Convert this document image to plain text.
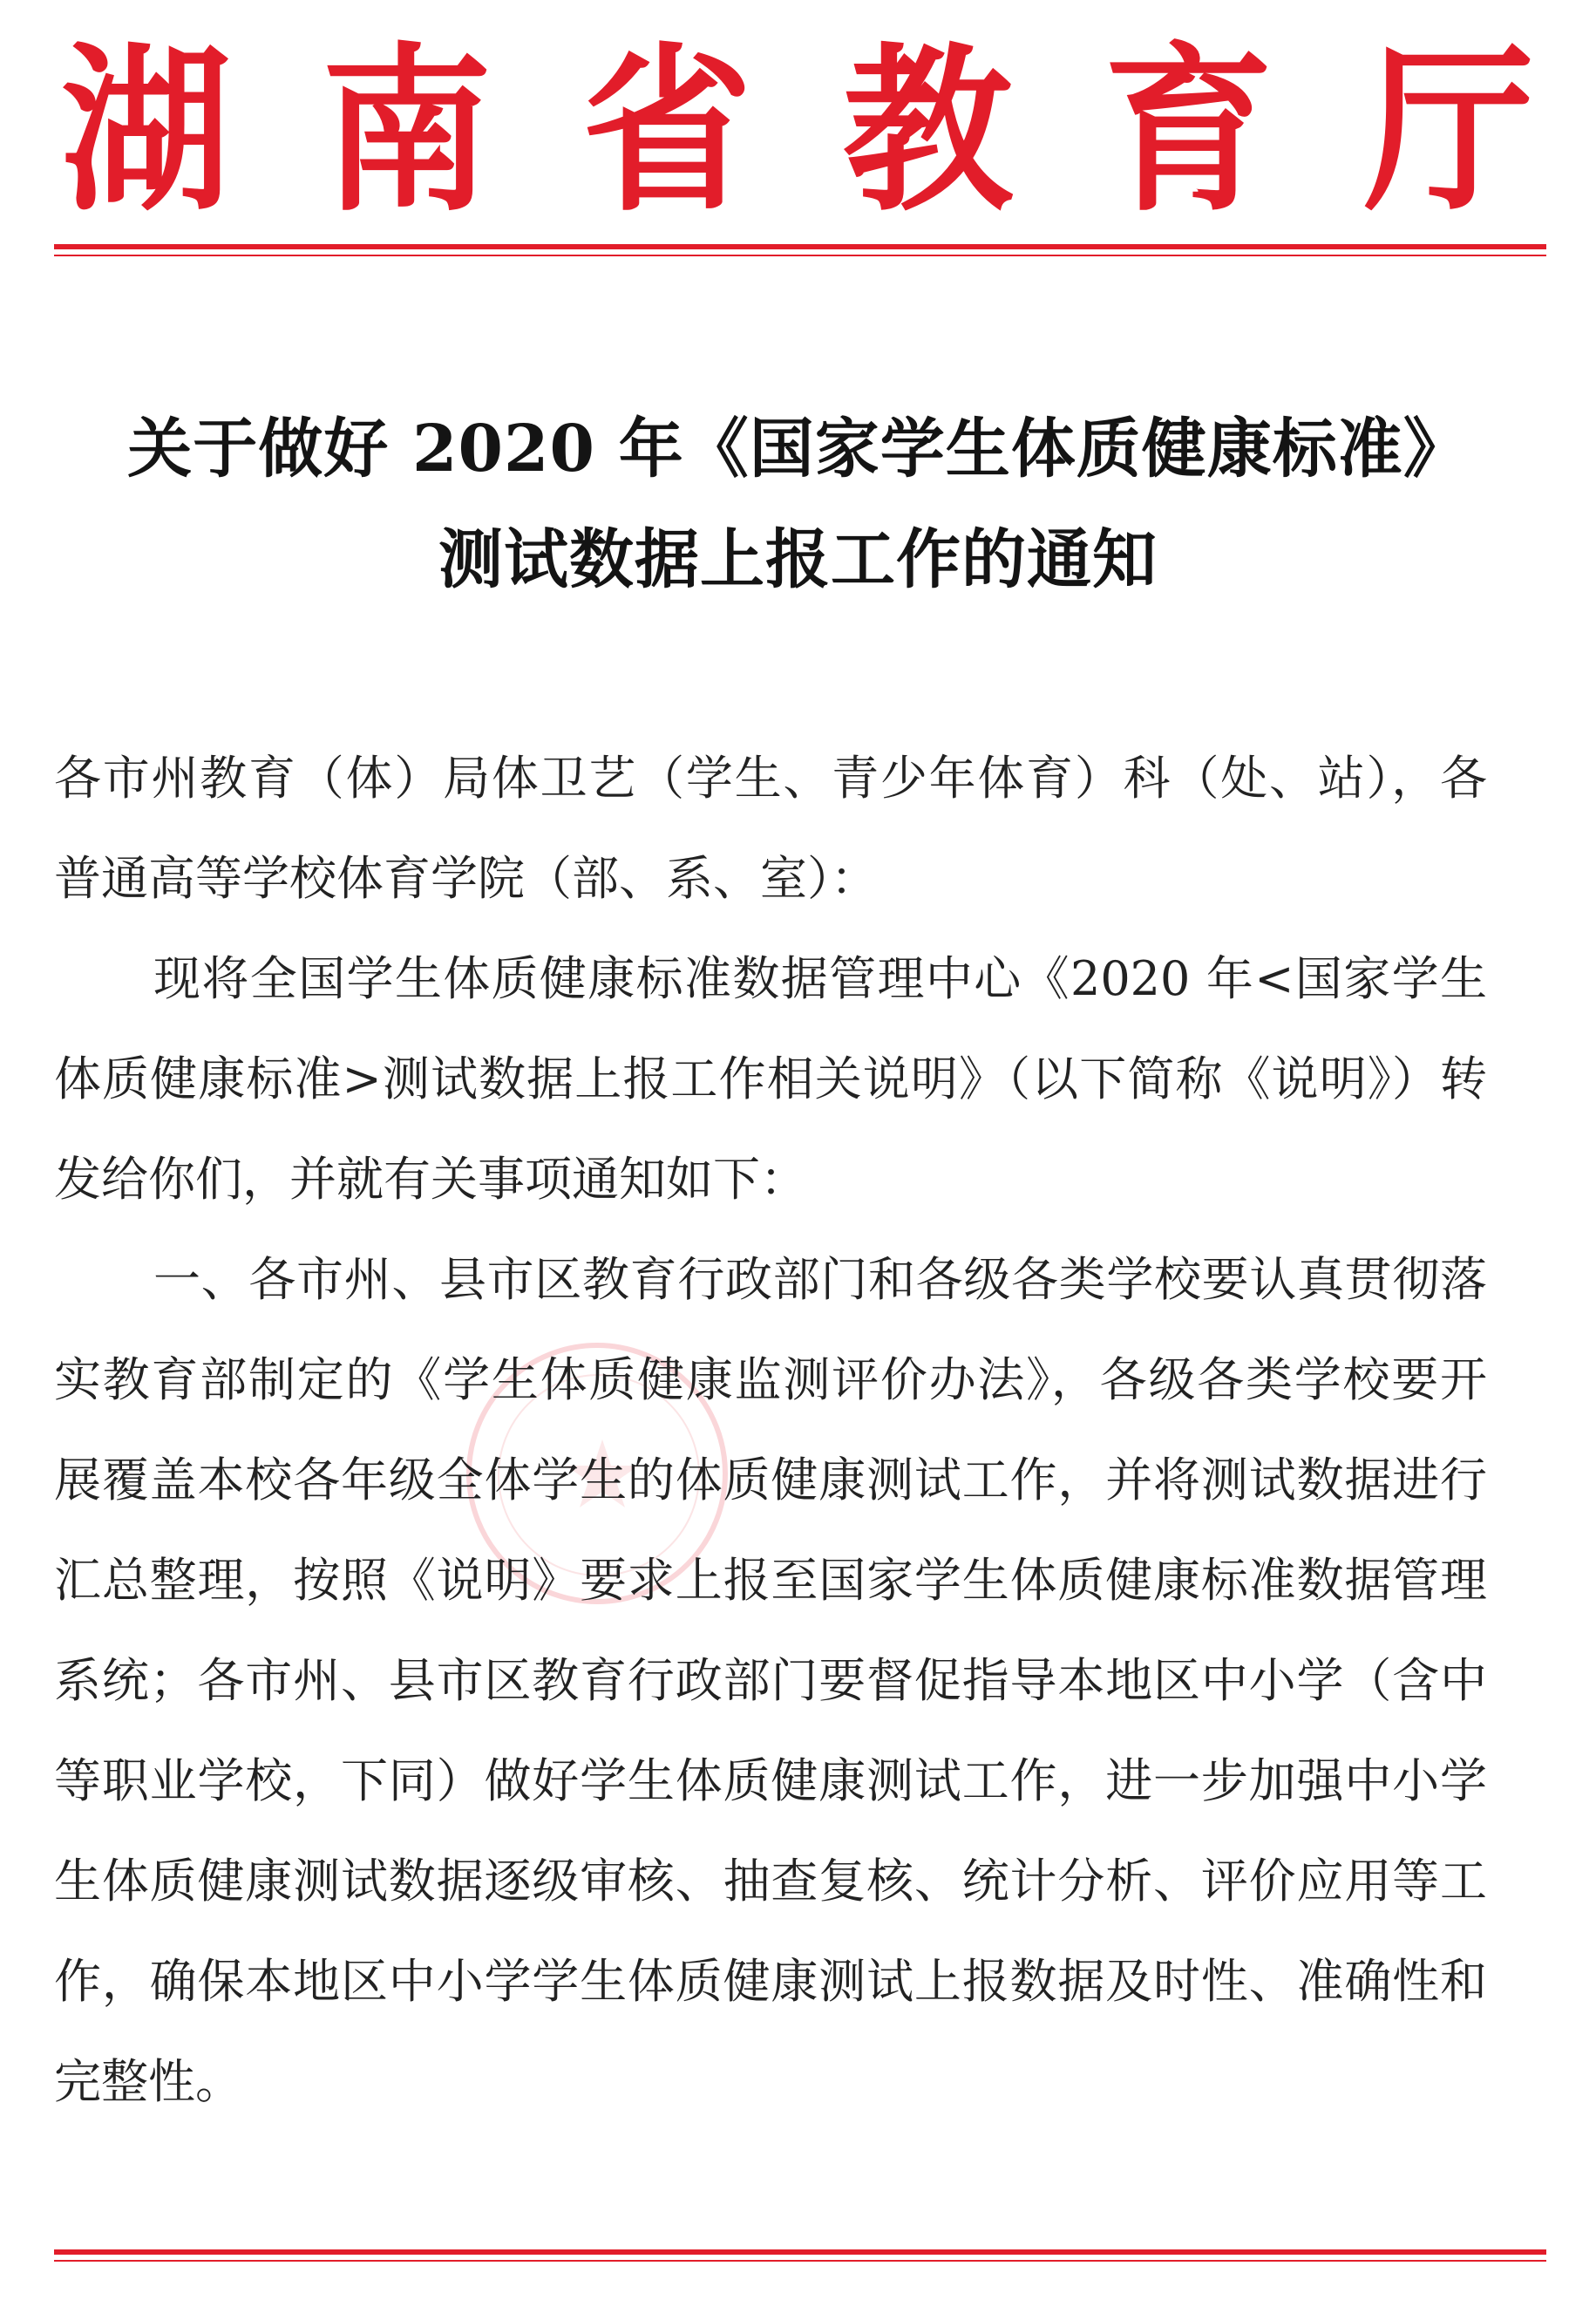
湖 南 省 教 育 厅
关于做好 2020 年《国家学生体质健康标准》
测试数据上报工作的通知

各市州教育（体）局体卫艺（学生、青少年体育）科（处、站），各普通高等学校体育学院（部、系、室）：

现将全国学生体质健康标准数据管理中心《2020 年<国家学生体质健康标准>测试数据上报工作相关说明》（以下简称《说明》）转发给你们，并就有关事项通知如下：

一、各市州、县市区教育行政部门和各级各类学校要认真贯彻落实教育部制定的《学生体质健康监测评价办法》，各级各类学校要开展覆盖本校各年级全体学生的体质健康测试工作，并将测试数据进行汇总整理，按照《说明》要求上报至国家学生体质健康标准数据管理系统；各市州、县市区教育行政部门要督促指导本地区中小学（含中等职业学校，下同）做好学生体质健康测试工作，进一步加强中小学生体质健康测试数据逐级审核、抽查复核、统计分析、评价应用等工作，确保本地区中小学学生体质健康测试上报数据及时性、准确性和完整性。
